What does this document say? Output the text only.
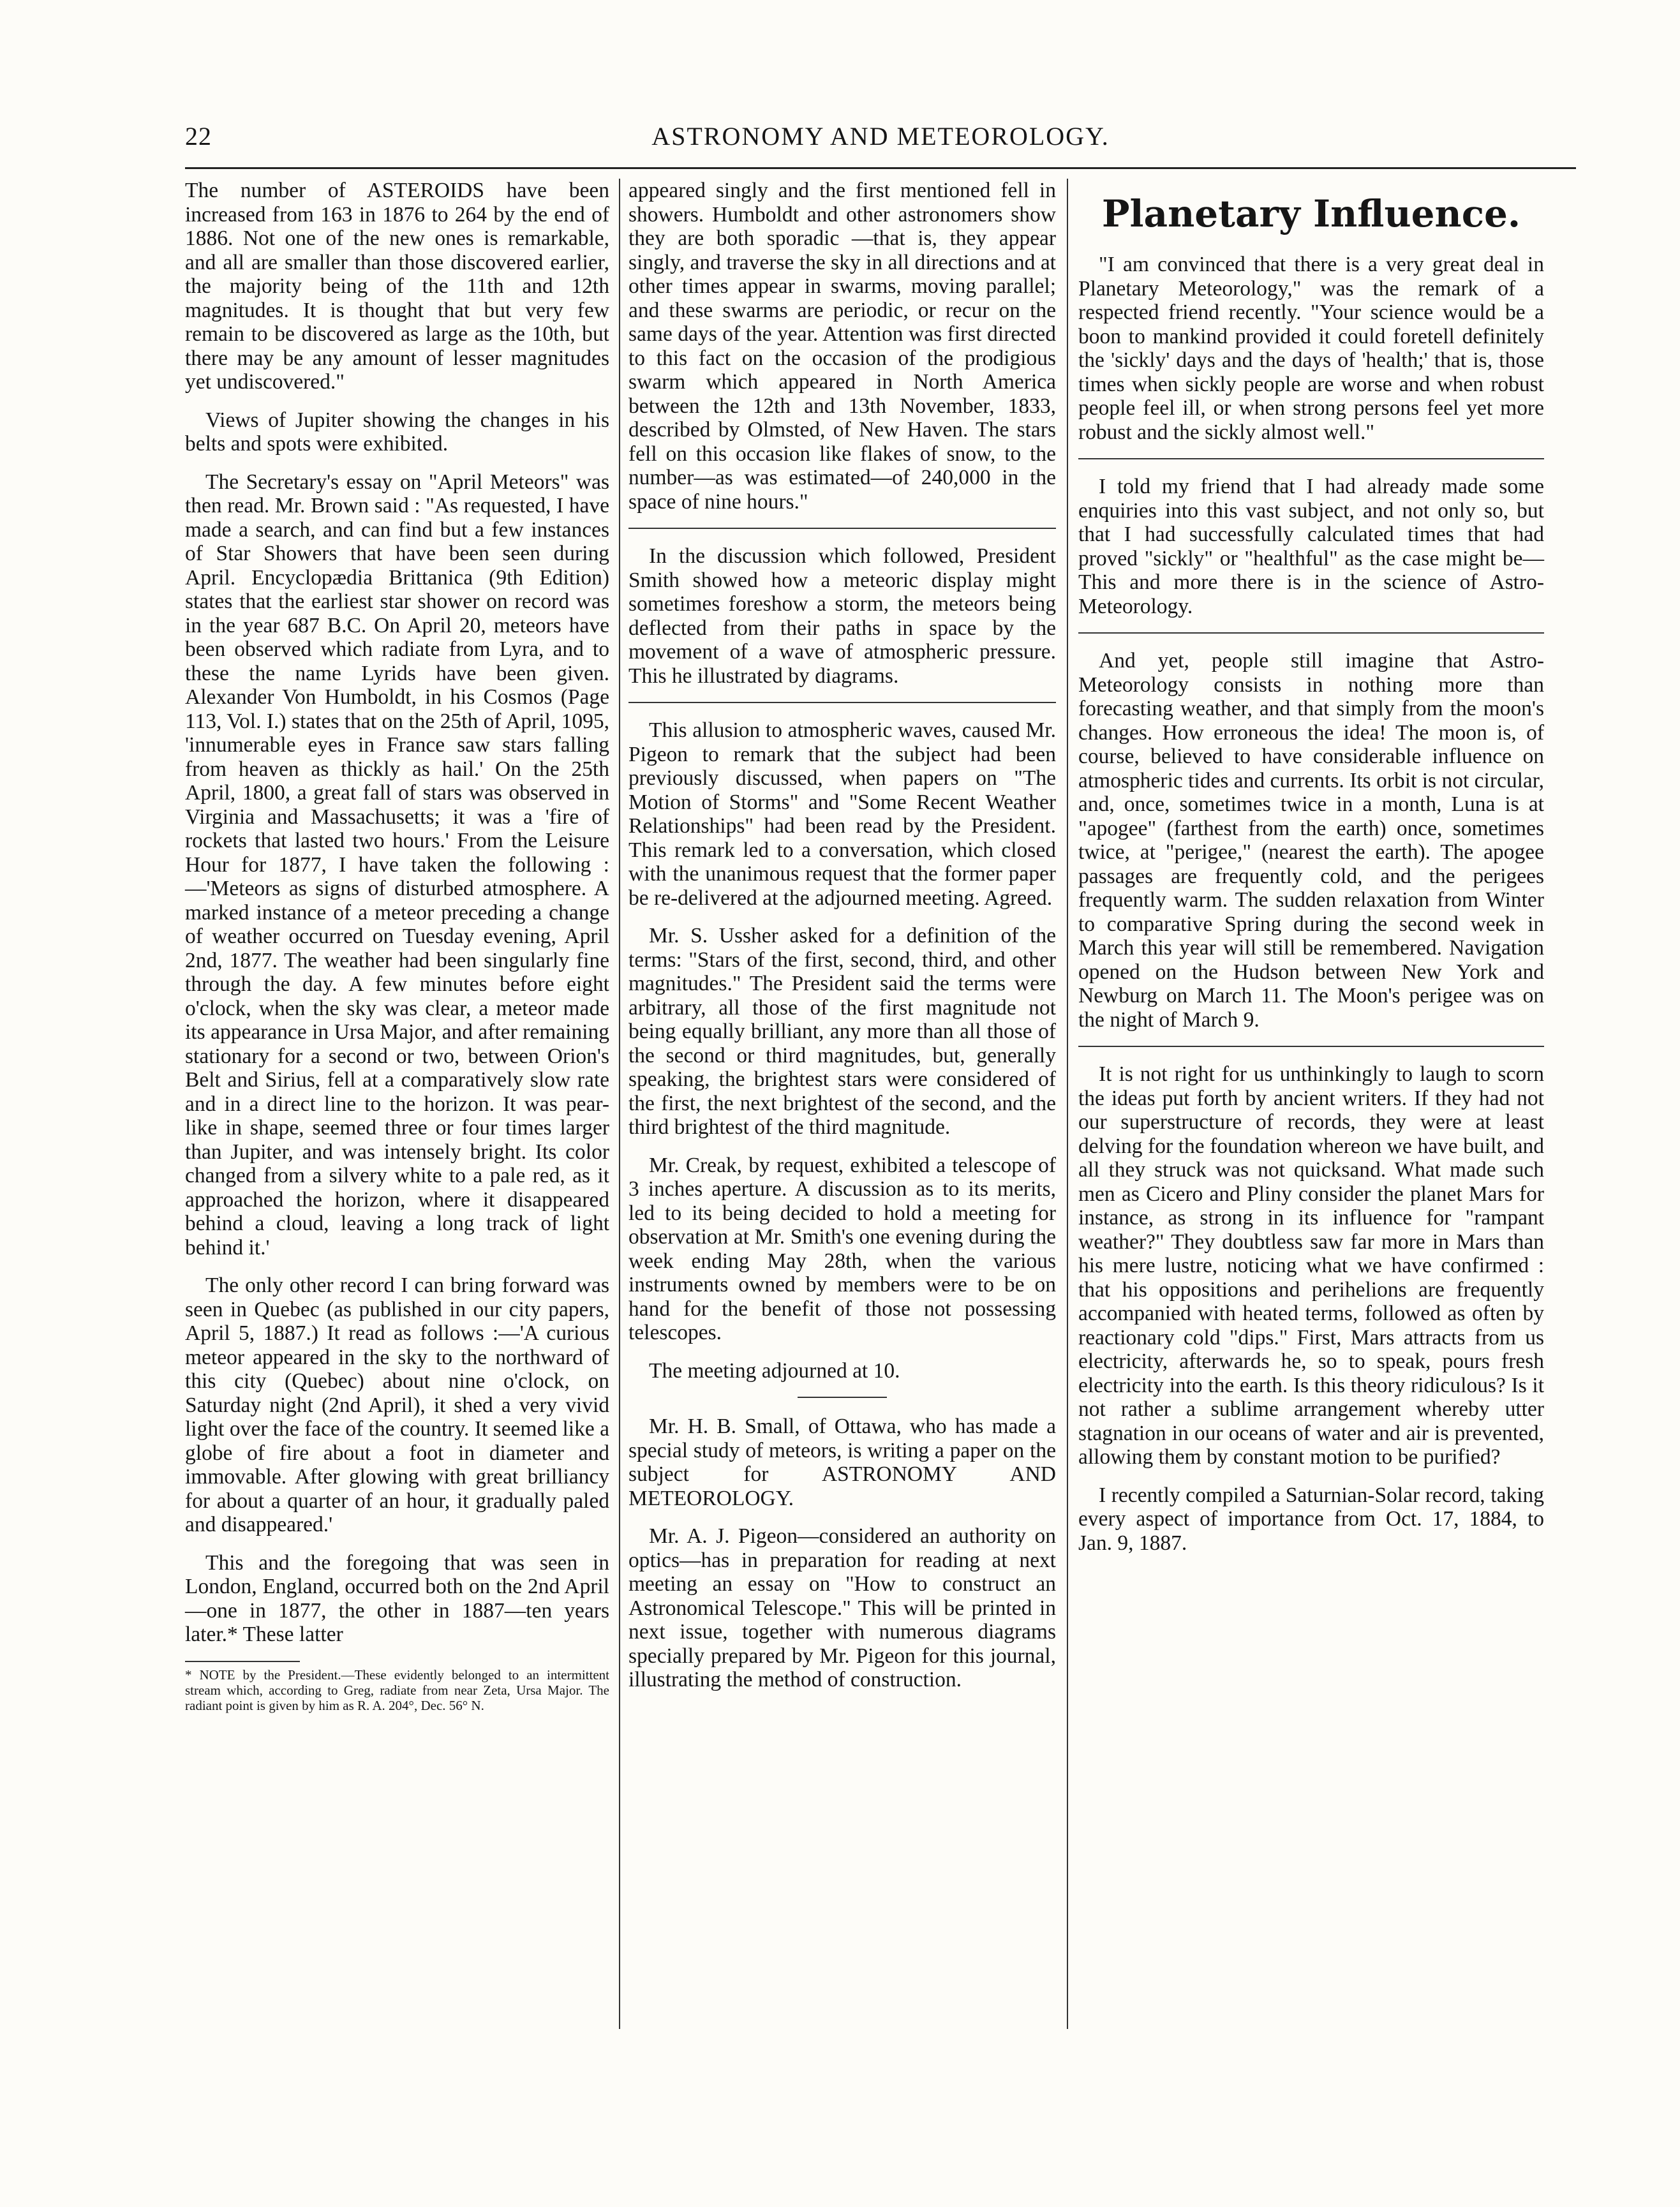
22	ASTRONOMY AND METEOROLOGY.

The number of ASTEROIDS have been increased from 163 in 1876 to 264 by the end of 1886. Not one of the new ones is remarkable, and all are smaller than those discovered earlier, the majority being of the 11th and 12th magnitudes. It is thought that but very few remain to be discovered as large as the 10th, but there may be any amount of lesser magnitudes yet undiscovered."

Views of Jupiter showing the changes in his belts and spots were exhibited.

The Secretary's essay on "April Meteors" was then read. Mr. Brown said : "As requested, I have made a search, and can find but a few instances of Star Showers that have been seen during April. Encyclopædia Brittanica (9th Edition) states that the earliest star shower on record was in the year 687 B.C. On April 20, meteors have been observed which radiate from Lyra, and to these the name Lyrids have been given. Alexander Von Humboldt, in his Cosmos (Page 113, Vol. I.) states that on the 25th of April, 1095, 'innumerable eyes in France saw stars falling from heaven as thickly as hail.' On the 25th April, 1800, a great fall of stars was observed in Virginia and Massachusetts; it was a 'fire of rockets that lasted two hours.' From the Leisure Hour for 1877, I have taken the following :—'Meteors as signs of disturbed atmosphere. A marked instance of a meteor preceding a change of weather occurred on Tuesday evening, April 2nd, 1877. The weather had been singularly fine through the day. A few minutes before eight o'clock, when the sky was clear, a meteor made its appearance in Ursa Major, and after remaining stationary for a second or two, between Orion's Belt and Sirius, fell at a comparatively slow rate and in a direct line to the horizon. It was pear-like in shape, seemed three or four times larger than Jupiter, and was intensely bright. Its color changed from a silvery white to a pale red, as it approached the horizon, where it disappeared behind a cloud, leaving a long track of light behind it.'

The only other record I can bring forward was seen in Quebec (as published in our city papers, April 5, 1887.) It read as follows :—'A curious meteor appeared in the sky to the northward of this city (Quebec) about nine o'clock, on Saturday night (2nd April), it shed a very vivid light over the face of the country. It seemed like a globe of fire about a foot in diameter and immovable. After glowing with great brilliancy for about a quarter of an hour, it gradually paled and disappeared.'

This and the foregoing that was seen in London, England, occurred both on the 2nd April—one in 1877, the other in 1887—ten years later.* These latter

* NOTE by the President.—These evidently belonged to an intermittent stream which, according to Greg, radiate from near Zeta, Ursa Major. The radiant point is given by him as R. A. 204°, Dec. 56° N.

appeared singly and the first mentioned fell in showers. Humboldt and other astronomers show they are both sporadic —that is, they appear singly, and traverse the sky in all directions and at other times appear in swarms, moving parallel; and these swarms are periodic, or recur on the same days of the year. Attention was first directed to this fact on the occasion of the prodigious swarm which appeared in North America between the 12th and 13th November, 1833, described by Olmsted, of New Haven. The stars fell on this occasion like flakes of snow, to the number—as was estimated—of 240,000 in the space of nine hours."

In the discussion which followed, President Smith showed how a meteoric display might sometimes foreshow a storm, the meteors being deflected from their paths in space by the movement of a wave of atmospheric pressure. This he illustrated by diagrams.

This allusion to atmospheric waves, caused Mr. Pigeon to remark that the subject had been previously discussed, when papers on "The Motion of Storms" and "Some Recent Weather Relationships" had been read by the President. This remark led to a conversation, which closed with the unanimous request that the former paper be re-delivered at the adjourned meeting. Agreed.

Mr. S. Ussher asked for a definition of the terms: "Stars of the first, second, third, and other magnitudes." The President said the terms were arbitrary, all those of the first magnitude not being equally brilliant, any more than all those of the second or third magnitudes, but, generally speaking, the brightest stars were considered of the first, the next brightest of the second, and the third brightest of the third magnitude.

Mr. Creak, by request, exhibited a telescope of 3 inches aperture. A discussion as to its merits, led to its being decided to hold a meeting for observation at Mr. Smith's one evening during the week ending May 28th, when the various instruments owned by members were to be on hand for the benefit of those not possessing telescopes.

The meeting adjourned at 10.

Mr. H. B. Small, of Ottawa, who has made a special study of meteors, is writing a paper on the subject for ASTRONOMY AND METEOROLOGY.

Mr. A. J. Pigeon—considered an authority on optics—has in preparation for reading at next meeting an essay on "How to construct an Astronomical Telescope." This will be printed in next issue, together with numerous diagrams specially prepared by Mr. Pigeon for this journal, illustrating the method of construction.

Planetary Influence.

"I am convinced that there is a very great deal in Planetary Meteorology," was the remark of a respected friend recently. "Your science would be a boon to mankind provided it could foretell definitely the 'sickly' days and the days of 'health;' that is, those times when sickly people are worse and when robust people feel ill, or when strong persons feel yet more robust and the sickly almost well."

I told my friend that I had already made some enquiries into this vast subject, and not only so, but that I had successfully calculated times that had proved "sickly" or "healthful" as the case might be—This and more there is in the science of Astro-Meteorology.

And yet, people still imagine that Astro-Meteorology consists in nothing more than forecasting weather, and that simply from the moon's changes. How erroneous the idea! The moon is, of course, believed to have considerable influence on atmospheric tides and currents. Its orbit is not circular, and, once, sometimes twice in a month, Luna is at "apogee" (farthest from the earth) once, sometimes twice, at "perigee," (nearest the earth). The apogee passages are frequently cold, and the perigees frequently warm. The sudden relaxation from Winter to comparative Spring during the second week in March this year will still be remembered. Navigation opened on the Hudson between New York and Newburg on March 11. The Moon's perigee was on the night of March 9.

It is not right for us unthinkingly to laugh to scorn the ideas put forth by ancient writers. If they had not our superstructure of records, they were at least delving for the foundation whereon we have built, and all they struck was not quicksand. What made such men as Cicero and Pliny consider the planet Mars for instance, as strong in its influence for "rampant weather?" They doubtless saw far more in Mars than his mere lustre, noticing what we have confirmed : that his oppositions and perihelions are frequently accompanied with heated terms, followed as often by reactionary cold "dips." First, Mars attracts from us electricity, afterwards he, so to speak, pours fresh electricity into the earth. Is this theory ridiculous? Is it not rather a sublime arrangement whereby utter stagnation in our oceans of water and air is prevented, allowing them by constant motion to be purified?

I recently compiled a Saturnian-Solar record, taking every aspect of importance from Oct. 17, 1884, to Jan. 9, 1887.
